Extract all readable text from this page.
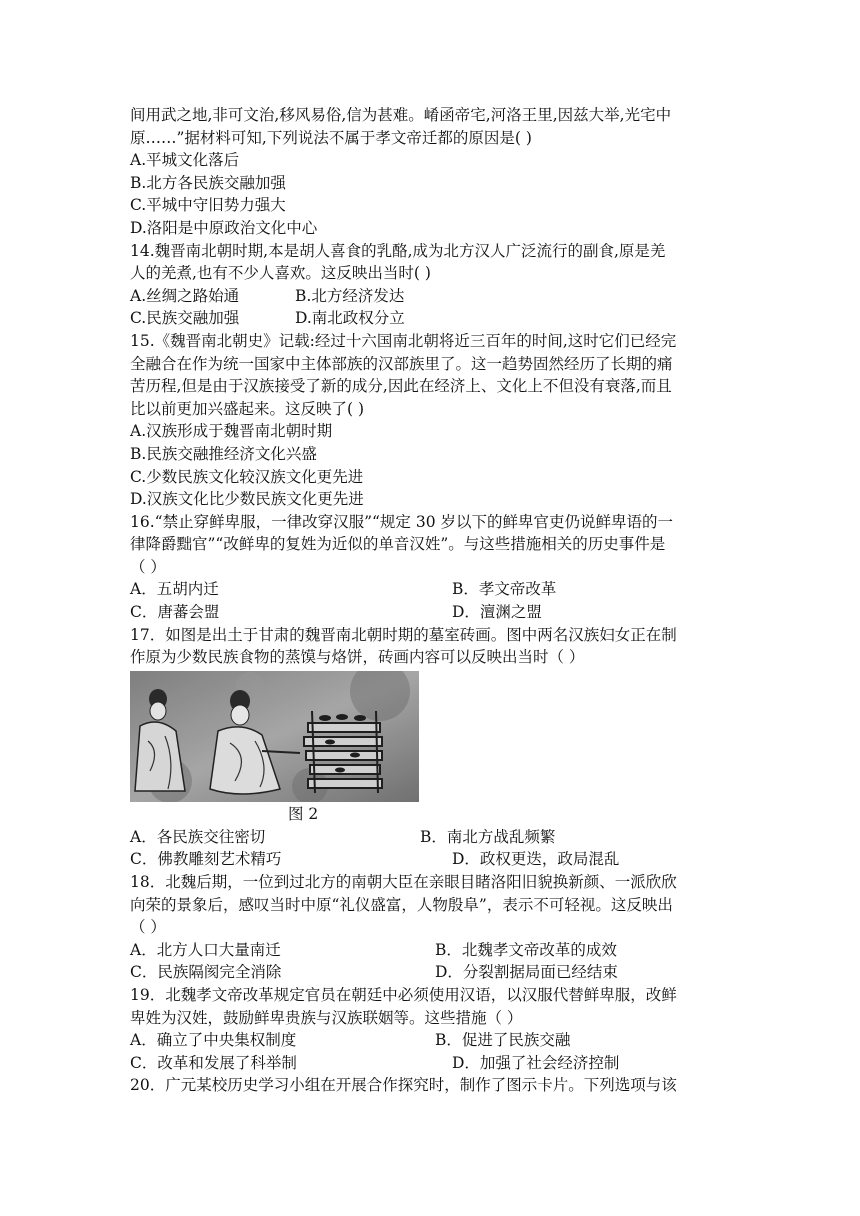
间用武之地,非可文治,移风易俗,信为甚难。崤函帝宅,河洛王里,因兹大举,光宅中
原……”据材料可知,下列说法不属于孝文帝迁都的原因是( )
A.平城文化落后
B.北方各民族交融加强
C.平城中守旧势力强大
D.洛阳是中原政治文化中心
14.魏晋南北朝时期,本是胡人喜食的乳酪,成为北方汉人广泛流行的副食,原是羌
人的羌煮,也有不少人喜欢。这反映出当时( )
A.丝绸之路始通	B.北方经济发达
C.民族交融加强	D.南北政权分立
15.《魏晋南北朝史》记载:经过十六国南北朝将近三百年的时间,这时它们已经完
全融合在作为统一国家中主体部族的汉部族里了。这一趋势固然经历了长期的痛
苦历程,但是由于汉族接受了新的成分,因此在经济上、文化上不但没有衰落,而且
比以前更加兴盛起来。这反映了( )
A.汉族形成于魏晋南北朝时期
B.民族交融推经济文化兴盛
C.少数民族文化较汉族文化更先进
D.汉族文化比少数民族文化更先进
16.“禁止穿鲜卑服，一律改穿汉服”“规定 30 岁以下的鲜卑官吏仍说鲜卑语的一
律降爵黜官”“改鲜卑的复姓为近似的单音汉姓”。与这些措施相关的历史事件是
（ ）
A．五胡内迁	B．孝文帝改革
C．唐蕃会盟	D．澶渊之盟
17．如图是出土于甘肃的魏晋南北朝时期的墓室砖画。图中两名汉族妇女正在制
作原为少数民族食物的蒸馍与烙饼，砖画内容可以反映出当时（ ）
图 2
A．各民族交往密切	B．南北方战乱频繁
C．佛教雕刻艺术精巧	D．政权更迭，政局混乱
18．北魏后期，一位到过北方的南朝大臣在亲眼目睹洛阳旧貌换新颜、一派欣欣
向荣的景象后，感叹当时中原“礼仪盛富，人物殷阜”，表示不可轻视。这反映出
（ ）
A．北方人口大量南迁	B．北魏孝文帝改革的成效
C．民族隔阂完全消除	D．分裂割据局面已经结束
19．北魏孝文帝改革规定官员在朝廷中必须使用汉语，以汉服代替鲜卑服，改鲜
卑姓为汉姓，鼓励鲜卑贵族与汉族联姻等。这些措施（ ）
A．确立了中央集权制度	B．促进了民族交融
C．改革和发展了科举制	D．加强了社会经济控制
20．广元某校历史学习小组在开展合作探究时，制作了图示卡片。下列选项与该
